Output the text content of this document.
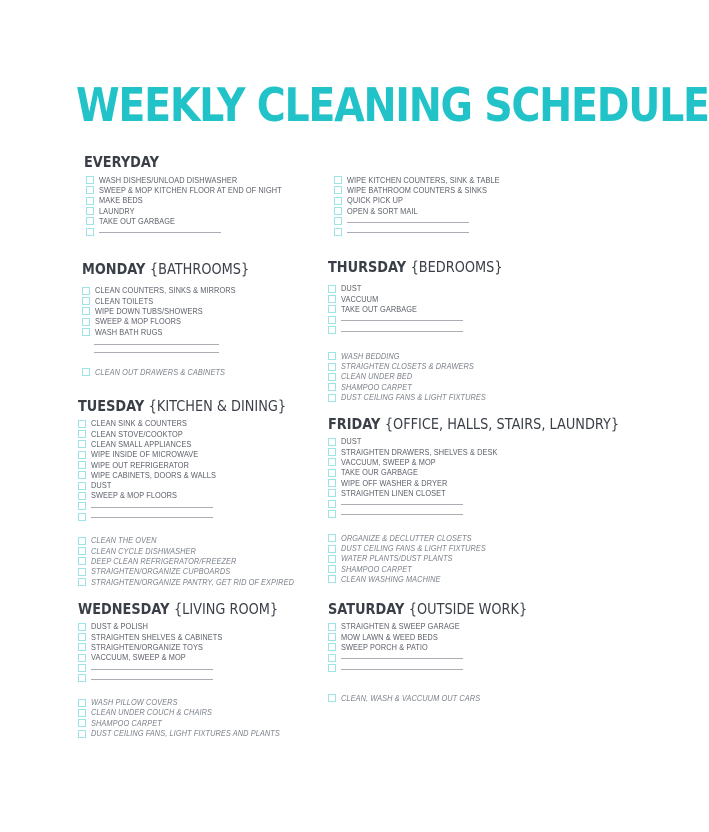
WEEKLY CLEANING SCHEDULE
EVERYDAY
WASH DISHES/UNLOAD DISHWASHER
SWEEP & MOP KITCHEN FLOOR AT END OF NIGHT
MAKE BEDS
LAUNDRY
TAKE OUT GARBAGE
WIPE KITCHEN COUNTERS, SINK & TABLE
WIPE BATHROOM COUNTERS & SINKS
QUICK PICK UP
OPEN & SORT MAIL
MONDAY {BATHROOMS}
CLEAN COUNTERS, SINKS & MIRRORS
CLEAN TOILETS
WIPE DOWN TUBS/SHOWERS
SWEEP & MOP FLOORS
WASH BATH RUGS
CLEAN OUT DRAWERS & CABINETS
THURSDAY {BEDROOMS}
DUST
VACCUUM
TAKE OUT GARBAGE
WASH BEDDING
STRAIGHTEN CLOSETS & DRAWERS
CLEAN UNDER BED
SHAMPOO CARPET
DUST CEILING FANS & LIGHT FIXTURES
TUESDAY {KITCHEN & DINING}
CLEAN SINK & COUNTERS
CLEAN STOVE/COOKTOP
CLEAN SMALL APPLIANCES
WIPE INSIDE OF MICROWAVE
WIPE OUT REFRIGERATOR
WIPE CABINETS, DOORS & WALLS
DUST
SWEEP & MOP FLOORS
CLEAN THE OVEN
CLEAN CYCLE DISHWASHER
DEEP CLEAN REFRIGERATOR/FREEZER
STRAIGHTEN/ORGANIZE CUPBOARDS
STRAIGHTEN/ORGANIZE PANTRY, GET RID OF EXPIRED
FRIDAY {OFFICE, HALLS, STAIRS, LAUNDRY}
DUST
STRAIGHTEN DRAWERS, SHELVES & DESK
VACCUUM, SWEEP & MOP
TAKE OUR GARBAGE
WIPE OFF WASHER & DRYER
STRAIGHTEN LINEN CLOSET
ORGANIZE & DECLUTTER CLOSETS
DUST CEILING FANS & LIGHT FIXTURES
WATER PLANTS/DUST PLANTS
SHAMPOO CARPET
CLEAN WASHING MACHINE
WEDNESDAY {LIVING ROOM}
DUST & POLISH
STRAIGHTEN SHELVES & CABINETS
STRAIGHTEN/ORGANIZE TOYS
VACCUUM, SWEEP & MOP
WASH PILLOW COVERS
CLEAN UNDER COUCH & CHAIRS
SHAMPOO CARPET
DUST CEILING FANS, LIGHT FIXTURES AND PLANTS
SATURDAY {OUTSIDE WORK}
STRAIGHTEN & SWEEP GARAGE
MOW LAWN & WEED BEDS
SWEEP PORCH & PATIO
CLEAN, WASH & VACCUUM OUT CARS
